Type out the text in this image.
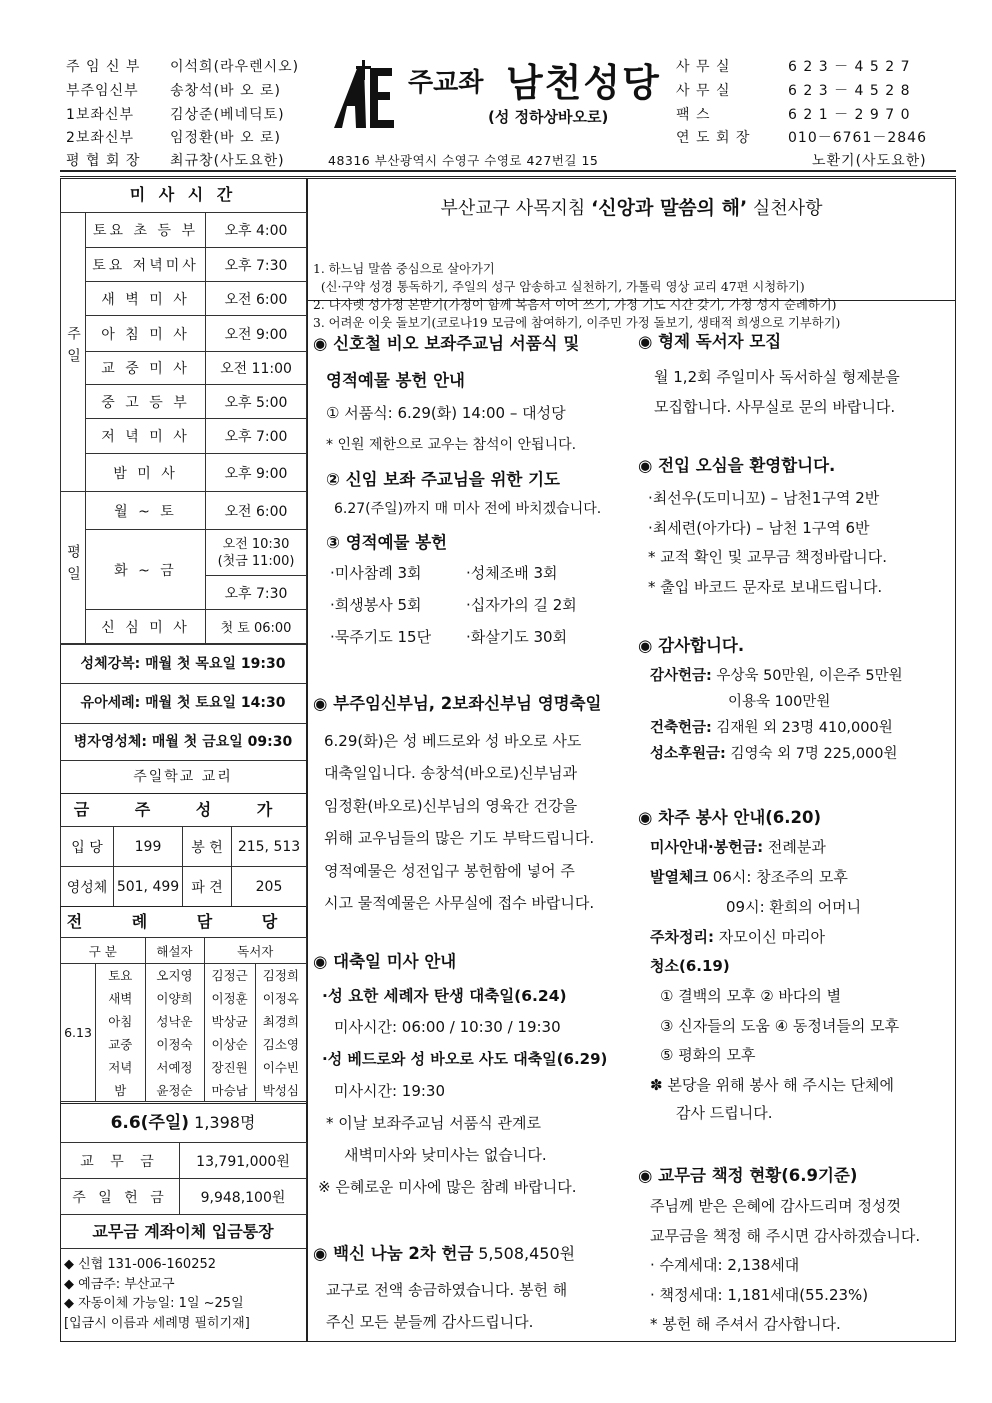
주 임 신 부 이석희(라우렌시오)
부주임신부 송창석(바 오 로)
1보좌신부	김상준(베네딕토)
2보좌신부	임정환(바 오 로)
평 협 회 장 최규창(사도요한)
주교좌 남천성당
(성 정하상바오로)
48316 부산광역시 수영구 수영로 427번길 15
사 무 실	6 2 3 － 4 5 2 7
사 무 실	6 2 3 － 4 5 2 8
팩 스	6 2 1 － 2 9 7 0
연 도 회 장	010－6761－2846
노환기(사도요한)
미 사 시 간
주일	토요 초 등 부	오후 4:00
	토요 저녁미사	오후 7:30
	새 벽 미 사	오전 6:00
	아 침 미 사	오전 9:00
	교 중 미 사	오전 11:00
	중 고 등 부	오후 5:00
	저 녁 미 사	오후 7:00
	밤 미 사	오후 9:00
평일	월 ~ 토	오전 6:00
	화 ~ 금	오전 10:30
(첫금 11:00)
		오후 7:30
	신 심 미 사	첫 토 06:00
성체강복: 매월 첫 목요일 19:30
유아세례: 매월 첫 토요일 14:30
병자영성체: 매월 첫 금요일 09:30
주일학교 교리
금 주 성 가
입 당	199	봉 헌	215, 513
영성체	501, 499	파 견	205
전 례 담 당
구 분		해설자	독서자	
6.13	토요	오지영	김정근	김정희
	새벽	이양희	이정훈	이정옥
	아침	성낙운	박상균	최경희
	교중	이정숙	이상순	김소영
	저녁	서예정	장진원	이수빈
	밤	윤정순	마승남	박성심
6.6(주일) 1,398명
교 무 금	13,791,000원
주 일 헌 금	9,948,100원
교무금 계좌이체 입금통장
◆ 신협 131-006-160252
◆ 예금주: 부산교구
◆ 자동이체 가능일: 1일 ~25일
[입금시 이름과 세례명 필히기재]
부산교구 사목지침 ‘신앙과 말씀의 해’ 실천사항

1. 하느님 말씀 중심으로 살아가기
(신·구약 성경 통독하기, 주일의 성구 암송하고 실천하기, 가톨릭 영상 교리 47편 시청하기)
2. 나자렛 성가정 본받기(가정이 함께 복음서 이어 쓰기, 가정 기도 시간 갖기, 가정 성지 순례하기)
3. 어려운 이웃 돌보기(코로나19 모금에 참여하기, 이주민 가정 돌보기, 생태적 희생으로 기부하기)

◉ 신호철 비오 보좌주교님 서품식 및
영적예물 봉헌 안내
① 서품식: 6.29(화) 14:00 – 대성당
* 인원 제한으로 교우는 참석이 안됩니다.
② 신임 보좌 주교님을 위한 기도
6.27(주일)까지 매 미사 전에 바치겠습니다.
③ 영적예물 봉헌
·미사참례 3회	·성체조배 3회
·희생봉사 5회	·십자가의 길 2회
·묵주기도 15단 ·화살기도 30회
◉ 부주임신부님, 2보좌신부님 영명축일
6.29(화)은 성 베드로와 성 바오로 사도
대축일입니다. 송창석(바오로)신부님과
임정환(바오로)신부님의 영육간 건강을
위해 교우님들의 많은 기도 부탁드립니다.
영적예물은 성전입구 봉헌함에 넣어 주
시고 물적예물은 사무실에 접수 바랍니다.
◉ 대축일 미사 안내
·성 요한 세례자 탄생 대축일(6.24)
미사시간: 06:00 / 10:30 / 19:30
·성 베드로와 성 바오로 사도 대축일(6.29)
미사시간: 19:30
* 이날 보좌주교님 서품식 관계로
새벽미사와 낮미사는 없습니다.
※ 은혜로운 미사에 많은 참례 바랍니다.
◉ 백신 나눔 2차 헌금 5,508,450원
교구로 전액 송금하였습니다. 봉헌 해
주신 모든 분들께 감사드립니다.
◉ 형제 독서자 모집
월 1,2회 주일미사 독서하실 형제분을
모집합니다. 사무실로 문의 바랍니다.
◉ 전입 오심을 환영합니다.
·최선우(도미니꼬) – 남천1구역 2반
·최세련(아가다) – 남천 1구역 6반
* 교적 확인 및 교무금 책정바랍니다.
* 출입 바코드 문자로 보내드립니다.
◉ 감사합니다.
감사헌금: 우상욱 50만원, 이은주 5만원
이용욱 100만원
건축헌금: 김재원 외 23명 410,000원
성소후원금: 김영숙 외 7명 225,000원
◉ 차주 봉사 안내(6.20)
미사안내·봉헌금: 전례분과
발열체크 06시: 창조주의 모후
09시: 환희의 어머니
주차정리: 자모이신 마리아
청소(6.19)
① 결백의 모후 ② 바다의 별
③ 신자들의 도움 ④ 동정녀들의 모후
⑤ 평화의 모후
✽ 본당을 위해 봉사 해 주시는 단체에
감사 드립니다.
◉ 교무금 책정 현황(6.9기준)
주님께 받은 은혜에 감사드리며 정성껏
교무금을 책정 해 주시면 감사하겠습니다.
· 수계세대: 2,138세대
· 책정세대: 1,181세대(55.23%)
* 봉헌 해 주셔서 감사합니다.
